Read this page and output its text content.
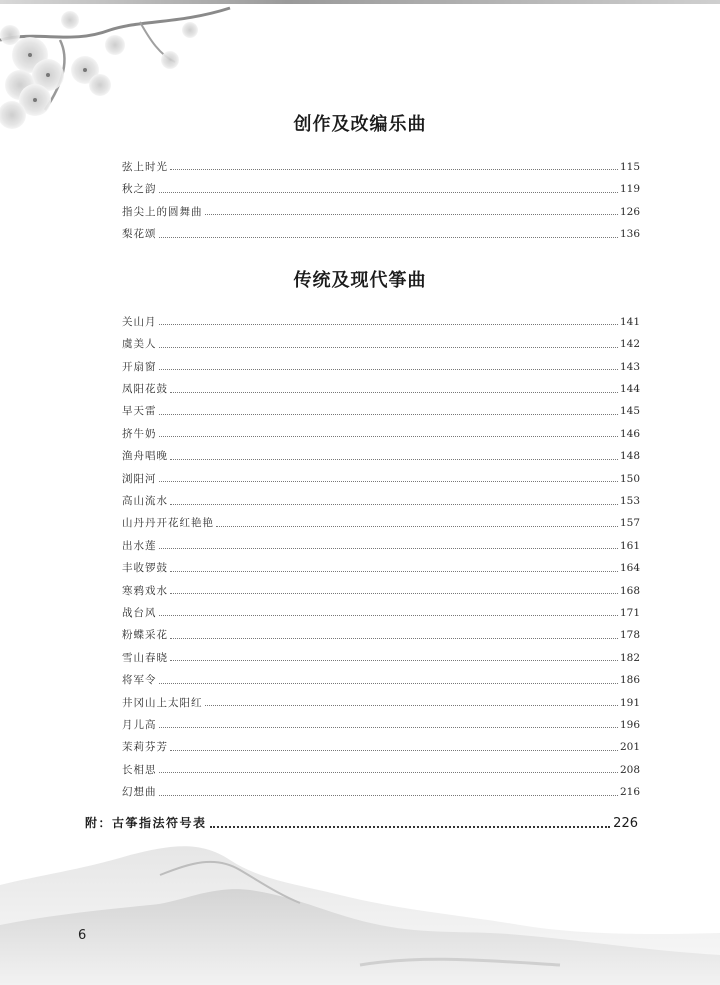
创作及改编乐曲
弦上时光	115
秋之韵	119
指尖上的圆舞曲	126
梨花颂	136
传统及现代筝曲
关山月	141
虞美人	142
开扇窗	143
凤阳花鼓	144
早天雷	145
挤牛奶	146
渔舟唱晚	148
浏阳河	150
高山流水	153
山丹丹开花红艳艳	157
出水莲	161
丰收锣鼓	164
寒鸦戏水	168
战台风	171
粉蝶采花	178
雪山春晓	182
将军令	186
井冈山上太阳红	191
月儿高	196
茉莉芬芳	201
长相思	208
幻想曲	216
附：古筝指法符号表	226
6
